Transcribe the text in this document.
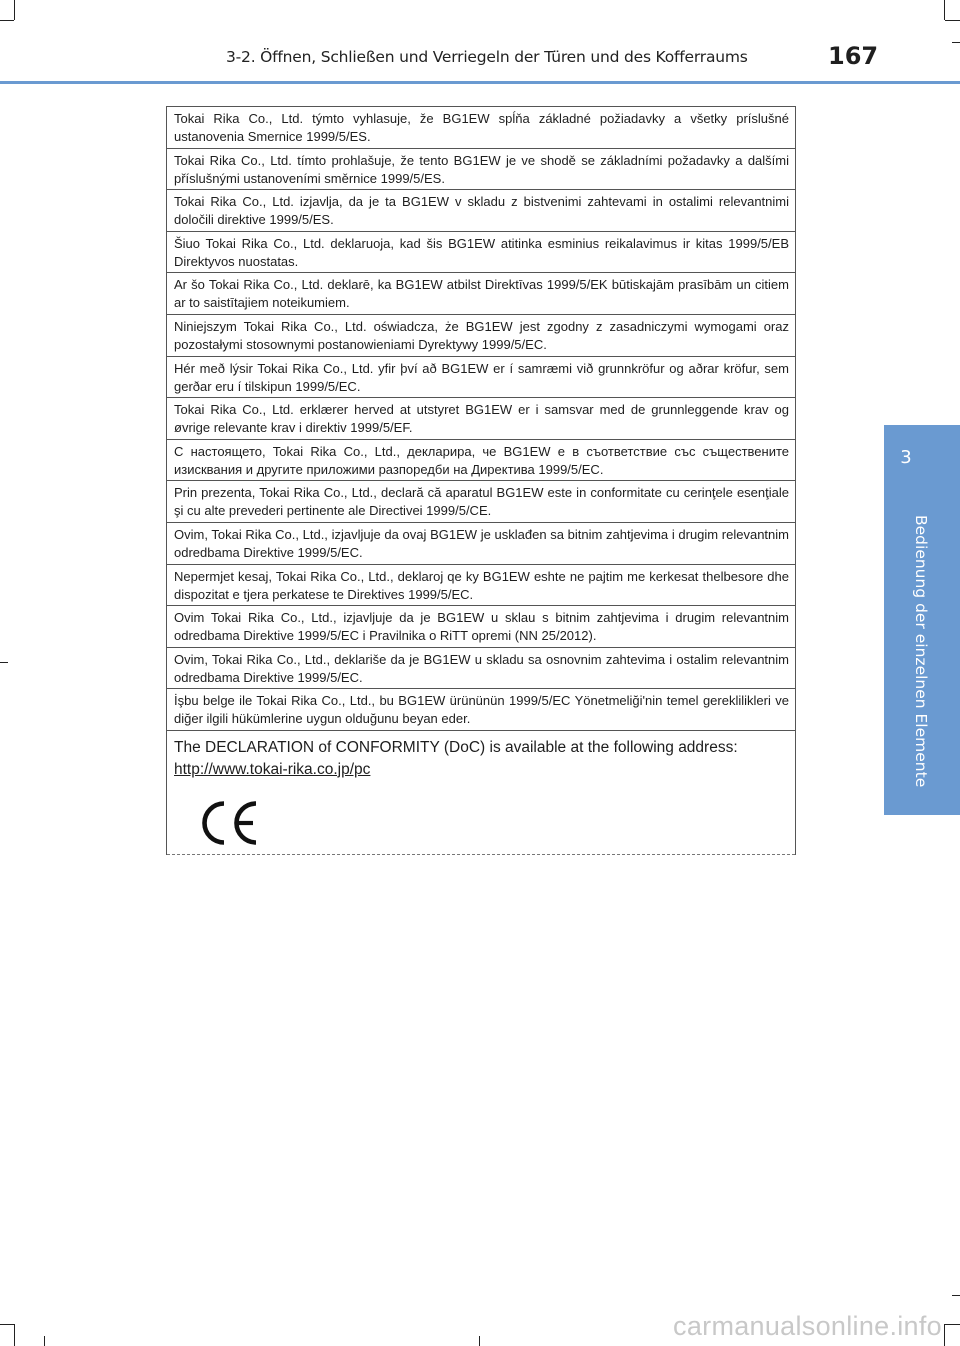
3-2. Öffnen, Schließen und Verriegeln der Türen und des Kofferraums	167
3
Bedienung der einzelnen Elemente
Tokai Rika Co., Ltd. týmto vyhlasuje, že BG1EW spĺňa základné požiadavky a všetky príslušné ustanovenia Smernice 1999/5/ES.
Tokai Rika Co., Ltd. tímto prohlašuje, že tento BG1EW je ve shodě se základními požadavky a dalšími příslušnými ustanoveními směrnice 1999/5/ES.
Tokai Rika Co., Ltd. izjavlja, da je ta BG1EW v skladu z bistvenimi zahtevami in ostalimi relevantnimi določili direktive 1999/5/ES.
Šiuo Tokai Rika Co., Ltd. deklaruoja, kad šis BG1EW atitinka esminius reikalavimus ir kitas 1999/5/EB Direktyvos nuostatas.
Ar šo Tokai Rika Co., Ltd. deklarē, ka BG1EW atbilst Direktīvas 1999/5/EK būtiskajām prasībām un citiem ar to saistītajiem noteikumiem.
Niniejszym Tokai Rika Co., Ltd. oświadcza, że BG1EW jest zgodny z zasadniczymi wymogami oraz pozostałymi stosownymi postanowieniami Dyrektywy 1999/5/EC.
Hér með lýsir Tokai Rika Co., Ltd. yfir því að BG1EW er í samræmi við grunnkröfur og aðrar kröfur, sem gerðar eru í tilskipun 1999/5/EC.
Tokai Rika Co., Ltd. erklærer herved at utstyret BG1EW er i samsvar med de grunnleggende krav og øvrige relevante krav i direktiv 1999/5/EF.
С настоящето, Tokai Rika Co., Ltd., декларира, че BG1EW е в съответствие със съществените изисквания и другите приложими разпоредби на Директива 1999/5/EC.
Prin prezenta, Tokai Rika Co., Ltd., declară că aparatul BG1EW este in conformitate cu cerinţele esenţiale şi cu alte prevederi pertinente ale Directivei 1999/5/CE.
Ovim, Tokai Rika Co., Ltd., izjavljuje da ovaj BG1EW je usklađen sa bitnim zahtjevima i drugim relevantnim odredbama Direktive 1999/5/EC.
Nepermjet kesaj, Tokai Rika Co., Ltd., deklaroj qe ky BG1EW eshte ne pajtim me kerkesat thelbesore dhe dispozitat e tjera perkatese te Direktives 1999/5/EC.
Ovim Tokai Rika Co., Ltd., izjavljuje da je BG1EW u sklau s bitnim zahtjevima i drugim relevantnim odredbama Direktive 1999/5/EC i Pravilnika o RiTT opremi (NN 25/2012).
Ovim, Tokai Rika Co., Ltd., deklariše da je BG1EW u skladu sa osnovnim zahtevima i ostalim relevantnim odredbama Direktive 1999/5/EC.
İşbu belge ile Tokai Rika Co., Ltd., bu BG1EW ürününün 1999/5/EC Yönetmeliği'nin temel gereklilikleri ve diğer ilgili hükümlerine uygun olduğunu beyan eder.
The DECLARATION of CONFORMITY (DoC) is available at the following address:
http://www.tokai-rika.co.jp/pc
carmanualsonline.info
